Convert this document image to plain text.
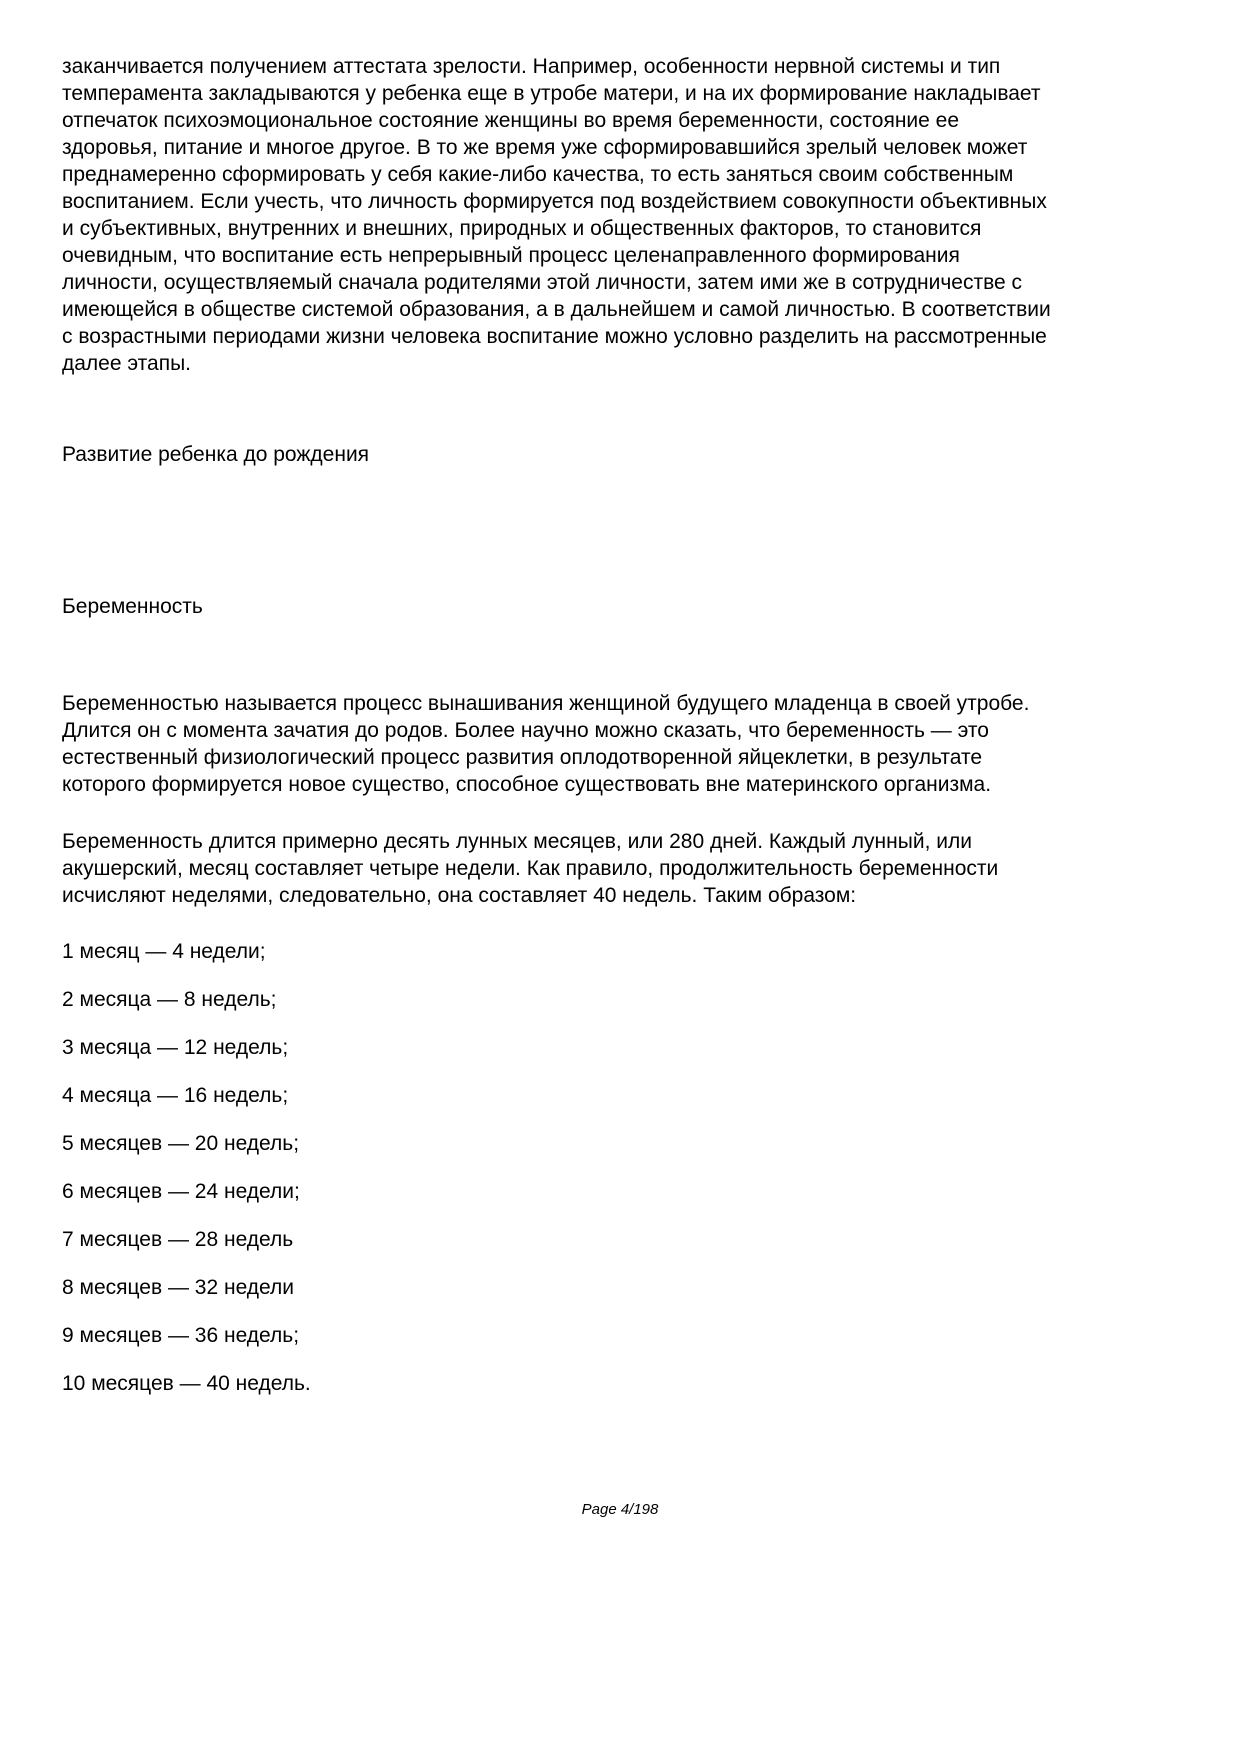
заканчивается получением аттестата зрелости. Например, особенности нервной системы и тип темперамента закладываются у ребенка еще в утробе матери, и на их формирование накладывает отпечаток психоэмоциональное состояние женщины во время беременности, состояние ее здоровья, питание и многое другое. В то же время уже сформировавшийся зрелый человек может преднамеренно сформировать у себя какие-либо качества, то есть заняться своим собственным воспитанием. Если учесть, что личность формируется под воздействием совокупности объективных и субъективных, внутренних и внешних, природных и общественных факторов, то становится очевидным, что воспитание есть непрерывный процесс целенаправленного формирования личности, осуществляемый сначала родителями этой личности, затем ими же в сотрудничестве с имеющейся в обществе системой образования, а в дальнейшем и самой личностью. В соответствии с возрастными периодами жизни человека воспитание можно условно разделить на рассмотренные далее этапы.

Развитие ребенка до рождения

Беременность

Беременностью называется процесс вынашивания женщиной будущего младенца в своей утробе. Длится он с момента зачатия до родов. Более научно можно сказать, что беременность — это естественный физиологический процесс развития оплодотворенной яйцеклетки, в результате которого формируется новое существо, способное существовать вне материнского организма.

Беременность длится примерно десять лунных месяцев, или 280 дней. Каждый лунный, или акушерский, месяц составляет четыре недели. Как правило, продолжительность беременности исчисляют неделями, следовательно, она составляет 40 недель. Таким образом:

1 месяц — 4 недели;
2 месяца — 8 недель;
3 месяца — 12 недель;
4 месяца — 16 недель;
5 месяцев — 20 недель;
6 месяцев — 24 недели;
7 месяцев — 28 недель
8 месяцев — 32 недели
9 месяцев — 36 недель;
10 месяцев — 40 недель.
Page 4/198
